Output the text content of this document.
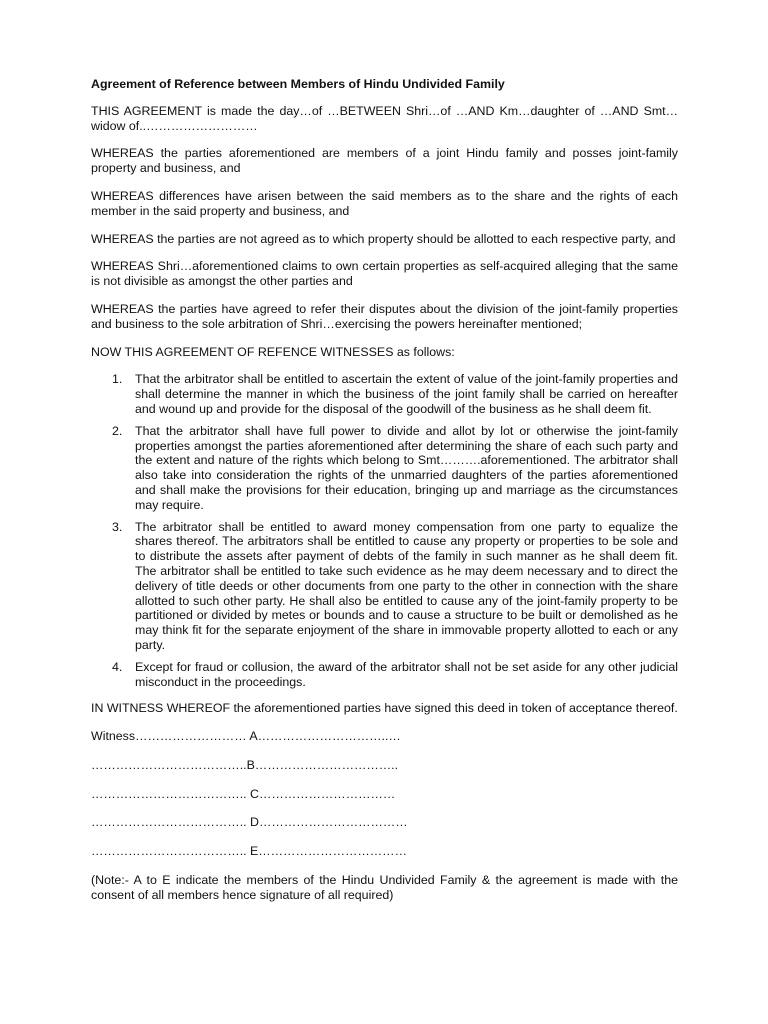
Agreement of Reference between Members of Hindu Undivided Family

THIS AGREEMENT is made the day…of …BETWEEN Shri…of …AND Km…daughter of …AND Smt… widow of..………………………

WHEREAS the parties aforementioned are members of a joint Hindu family and posses joint-family property and business, and

WHEREAS differences have arisen between the said members as to the share and the rights of each member in the said property and business, and

WHEREAS the parties are not agreed as to which property should be allotted to each respective party, and

WHEREAS Shri…aforementioned claims to own certain properties as self-acquired alleging that the same is not divisible as amongst the other parties and

WHEREAS the parties have agreed to refer their disputes about the division of the joint-family properties and business to the sole arbitration of Shri…exercising the powers hereinafter mentioned;

NOW THIS AGREEMENT OF REFENCE WITNESSES as follows:

1. That the arbitrator shall be entitled to ascertain the extent of value of the joint-family properties and shall determine the manner in which the business of the joint family shall be carried on hereafter and wound up and provide for the disposal of the goodwill of the business as he shall deem fit.
2. That the arbitrator shall have full power to divide and allot by lot or otherwise the joint-family properties amongst the parties aforementioned after determining the share of each such party and the extent and nature of the rights which belong to Smt……….aforementioned. The arbitrator shall also take into consideration the rights of the unmarried daughters of the parties aforementioned and shall make the provisions for their education, bringing up and marriage as the circumstances may require.
3. The arbitrator shall be entitled to award money compensation from one party to equalize the shares thereof. The arbitrators shall be entitled to cause any property or properties to be sole and to distribute the assets after payment of debts of the family in such manner as he shall deem fit. The arbitrator shall be entitled to take such evidence as he may deem necessary and to direct the delivery of title deeds or other documents from one party to the other in connection with the share allotted to such other party. He shall also be entitled to cause any of the joint-family property to be partitioned or divided by metes or bounds and to cause a structure to be built or demolished as he may think fit for the separate enjoyment of the share in immovable property allotted to each or any party.
4. Except for fraud or collusion, the award of the arbitrator shall not be set aside for any other judicial misconduct in the proceedings.

IN WITNESS WHEREOF the aforementioned parties have signed this deed in token of acceptance thereof.

Witness……………………… A…………………………..…
………………………………..B……………………………..
……………………………….. C……………………………
……………………………….. D………………………………
……………………………….. E………………………………

(Note:- A to E indicate the members of the Hindu Undivided Family & the agreement is made with the consent of all members hence signature of all required)
